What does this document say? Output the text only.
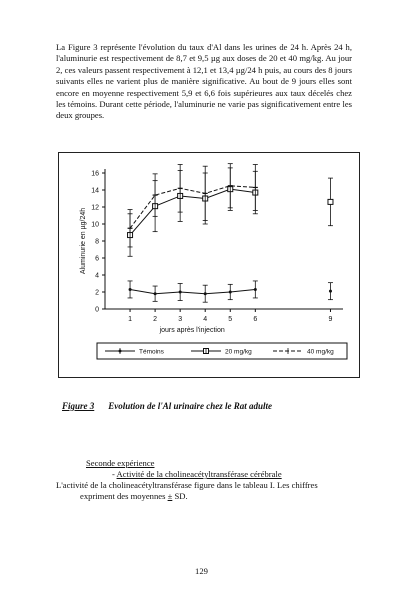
La Figure 3 représente l'évolution du taux d'Al dans les urines de 24 h. Après 24 h, l'aluminurie est respectivement de 8,7 et 9,5 µg aux doses de 20 et 40 mg/kg. Au jour 2, ces valeurs passent respectivement à 12,1 et 13,4 µg/24 h puis, au cours des 8 jours suivants elles ne varient plus de manière significative. Au bout de 9 jours elles sont encore en moyenne respectivement 5,9 et 6,6 fois supérieures aux taux décelés chez les témoins. Durant cette période, l'aluminurie ne varie pas significativement entre les deux groupes.
0
2
4
6
8
10
12
14
16
1	2	3	4	5	6	9
jours après l'injection
Aluminurie en µg/24h
Témoins	20 mg/kg	40 mg/kg
Figure 3 Evolution de l'Al urinaire chez le Rat adulte
Seconde expérience
- Activité de la cholineacétyltransférase cérébrale
L'activité de la cholineacétyltransférase figure dans le tableau I. Les chiffres
expriment des moyennes ± SD.
129
